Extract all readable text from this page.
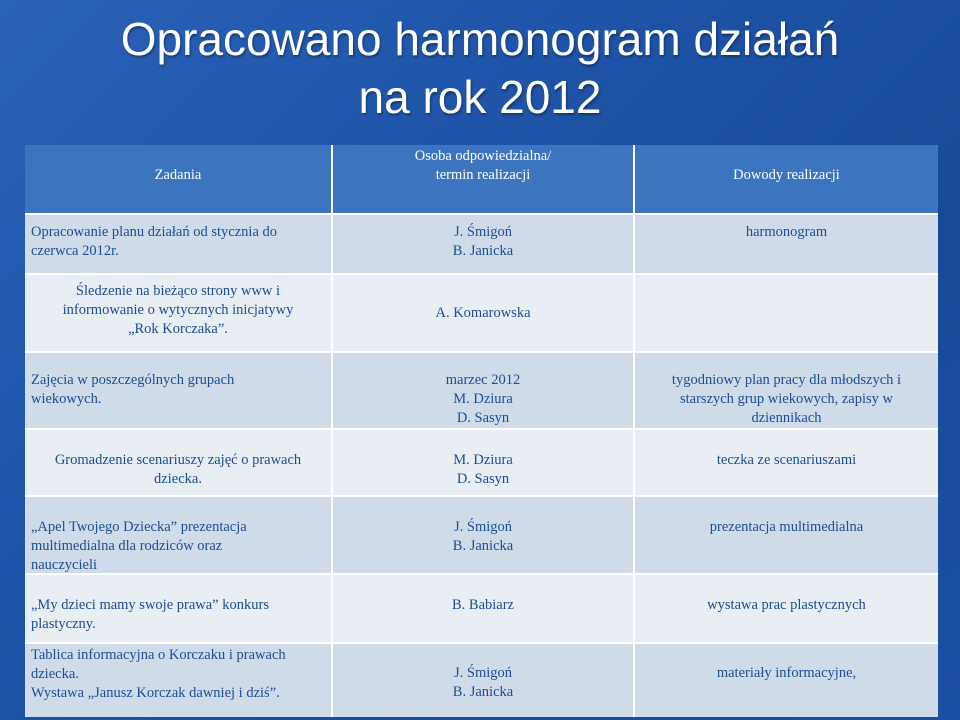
Opracowano harmonogram działań
na rok 2012
Zadania
Osoba odpowiedzialna/
termin realizacji	Dowody realizacji
Opracowanie planu działań od stycznia do
czerwca 2012r.
J. Śmigoń
B. Janicka
harmonogram
Śledzenie na bieżąco strony www i
informowanie o wytycznych inicjatywy
„Rok Korczaka”.
A. Komarowska
Zajęcia w poszczególnych grupach
wiekowych.
marzec 2012
M. Dziura
D. Sasyn
tygodniowy plan pracy dla młodszych i
starszych grup wiekowych, zapisy w
dziennikach
Gromadzenie scenariuszy zajęć o prawach
dziecka.
M. Dziura
D. Sasyn
teczka ze scenariuszami
„Apel Twojego Dziecka” prezentacja
multimedialna dla rodziców oraz
nauczycieli
J. Śmigoń
B. Janicka
prezentacja multimedialna
„My dzieci mamy swoje prawa” konkurs
plastyczny.
B. Babiarz	wystawa prac plastycznych
Tablica informacyjna o Korczaku i prawach
dziecka.
Wystawa „Janusz Korczak dawniej i dziś”.
J. Śmigoń
B. Janicka
materiały informacyjne,
